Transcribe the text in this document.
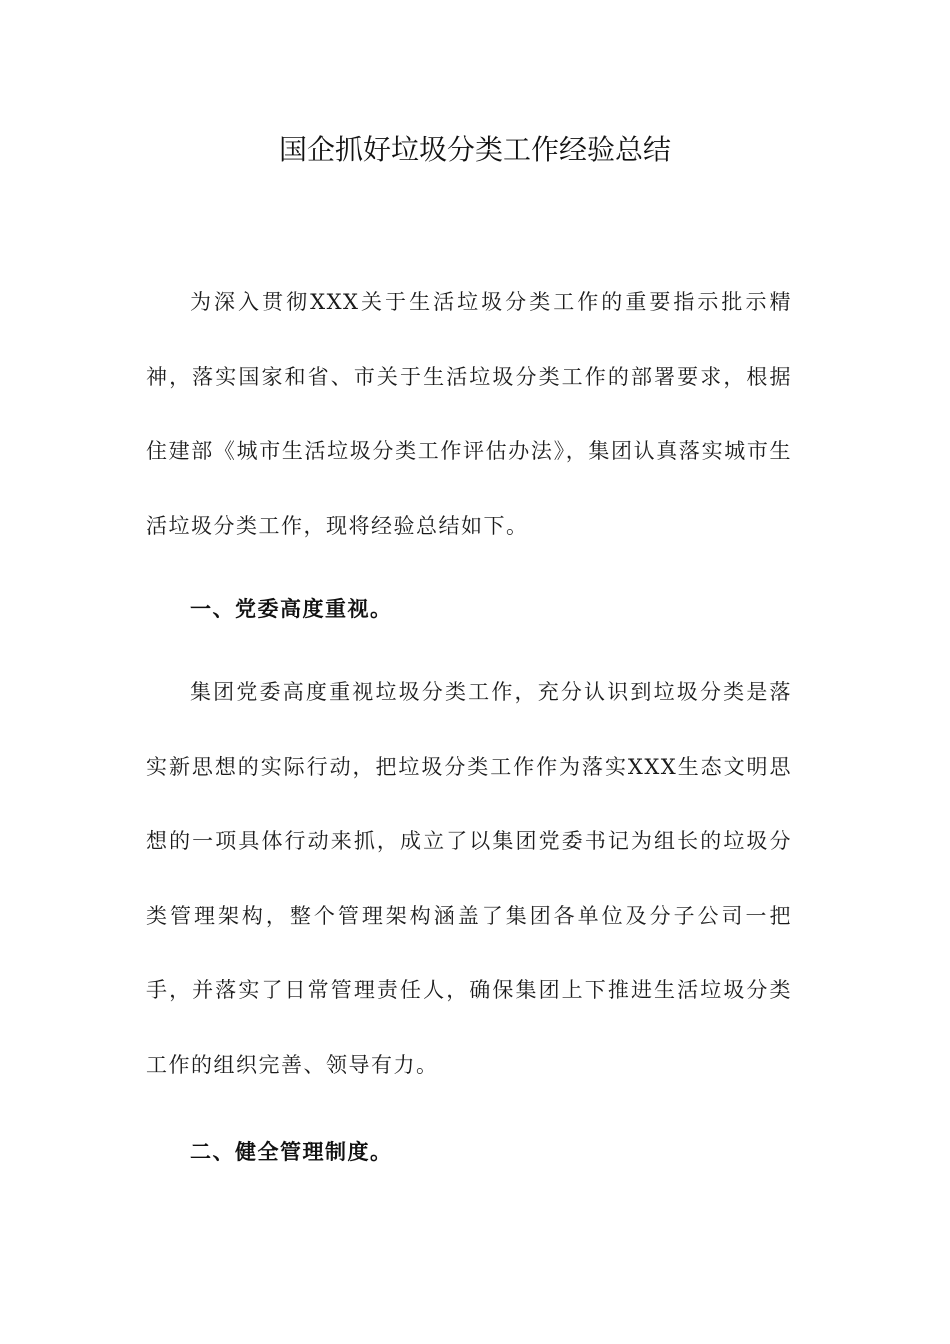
国企抓好垃圾分类工作经验总结

为深入贯彻XXX关于生活垃圾分类工作的重要指示批示精神，落实国家和省、市关于生活垃圾分类工作的部署要求，根据住建部《城市生活垃圾分类工作评估办法》，集团认真落实城市生活垃圾分类工作，现将经验总结如下。

一、党委高度重视。

集团党委高度重视垃圾分类工作，充分认识到垃圾分类是落实新思想的实际行动，把垃圾分类工作作为落实XXX生态文明思想的一项具体行动来抓，成立了以集团党委书记为组长的垃圾分类管理架构，整个管理架构涵盖了集团各单位及分子公司一把手，并落实了日常管理责任人，确保集团上下推进生活垃圾分类工作的组织完善、领导有力。

二、健全管理制度。
